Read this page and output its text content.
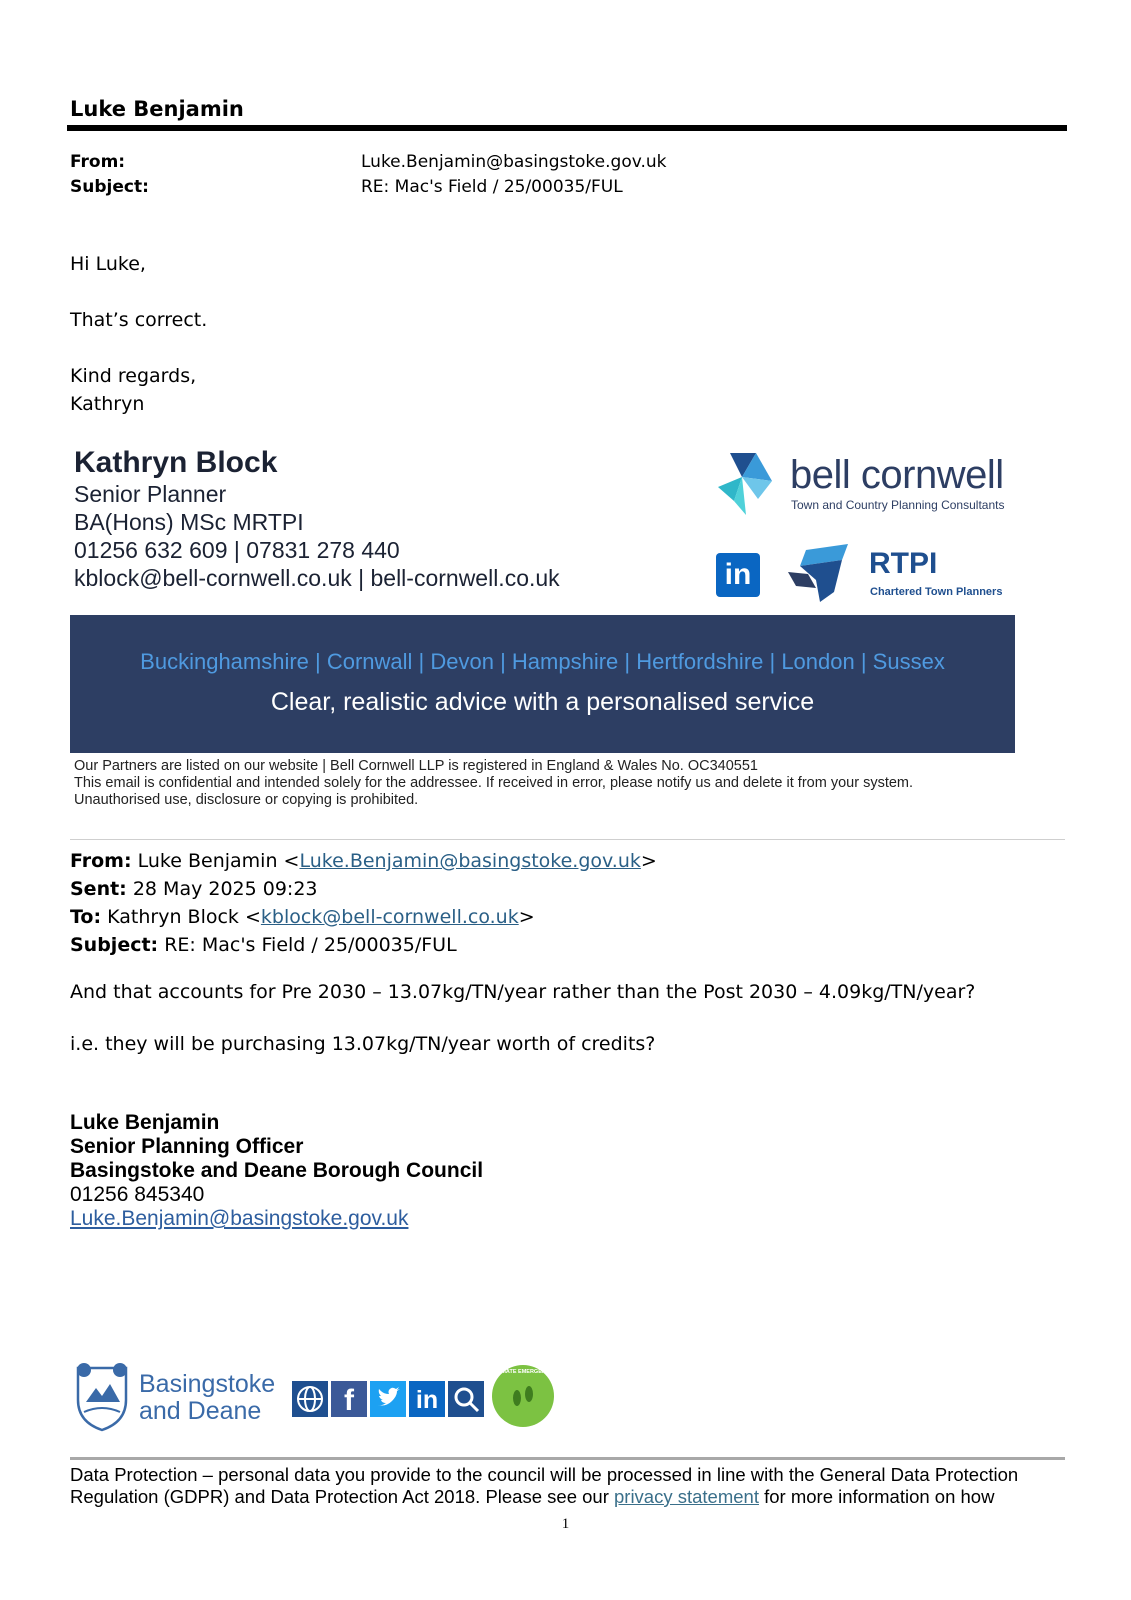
Luke Benjamin
From:	Luke.Benjamin@basingstoke.gov.uk
Subject:	RE: Mac's Field / 25/00035/FUL
Hi Luke,
That’s correct.
Kind regards,
Kathryn
Kathryn Block
Senior Planner
BA(Hons) MSc MRTPI
01256 632 609 | 07831 278 440
kblock@bell-cornwell.co.uk | bell-cornwell.co.uk
bell cornwell
Town and Country Planning Consultants
in	RTPI
Chartered Town Planners
Buckinghamshire | Cornwall | Devon | Hampshire | Hertfordshire | London | Sussex
Clear, realistic advice with a personalised service
Our Partners are listed on our website | Bell Cornwell LLP is registered in England & Wales No. OC340551
This email is confidential and intended solely for the addressee. If received in error, please notify us and delete it from your system.
Unauthorised use, disclosure or copying is prohibited.
From: Luke Benjamin <Luke.Benjamin@basingstoke.gov.uk>
Sent: 28 May 2025 09:23
To: Kathryn Block <kblock@bell-cornwell.co.uk>
Subject: RE: Mac's Field / 25/00035/FUL
And that accounts for Pre 2030 – 13.07kg/TN/year rather than the Post 2030 – 4.09kg/TN/year?
i.e. they will be purchasing 13.07kg/TN/year worth of credits?
Luke Benjamin
Senior Planning Officer
Basingstoke and Deane Borough Council
01256 845340
Luke.Benjamin@basingstoke.gov.uk
Basingstoke
and Deane	f	in
CLIMATE EMERGENCY
Data Protection – personal data you provide to the council will be processed in line with the General Data Protection Regulation (GDPR) and Data Protection Act 2018. Please see our privacy statement for more information on how
1
